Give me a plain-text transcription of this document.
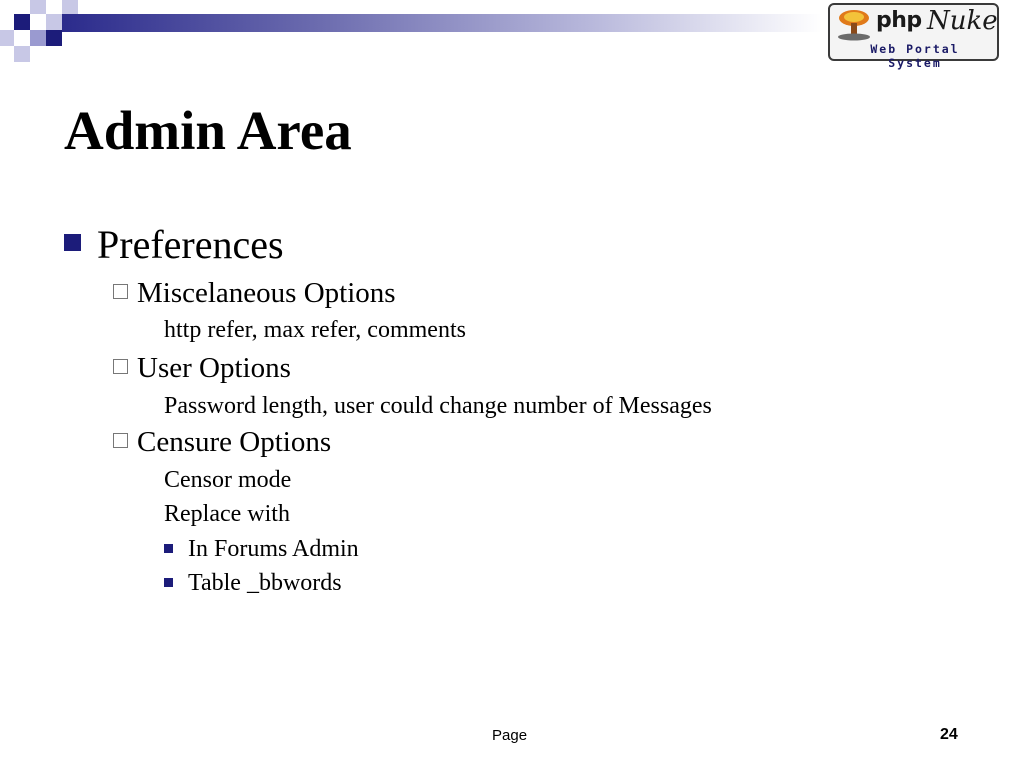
php Nuke
Web Portal System
Admin Area
Preferences
Miscelaneous Options
http refer, max refer, comments
User Options
Password length, user could change number of Messages
Censure Options
Censor mode
Replace with
In Forums Admin
Table _bbwords
Page	24
